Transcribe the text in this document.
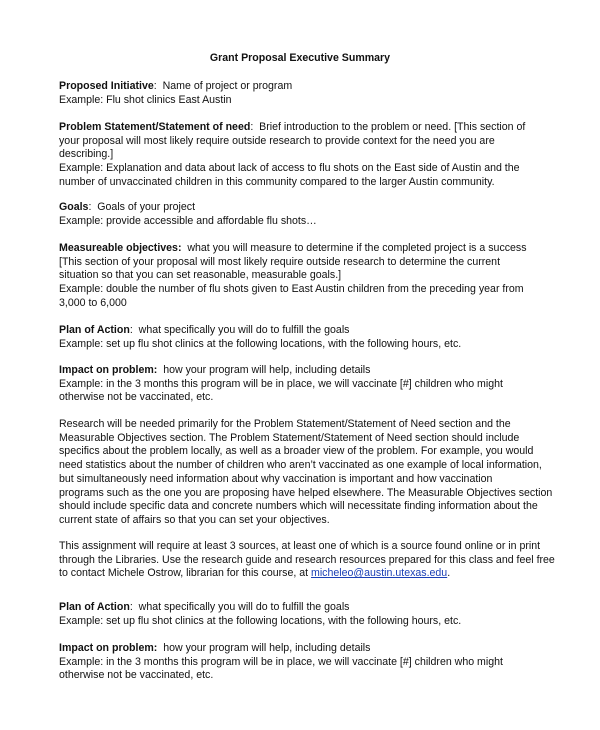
Grant Proposal Executive Summary
Proposed Initiative:  Name of project or program
Example: Flu shot clinics East Austin
Problem Statement/Statement of need:  Brief introduction to the problem or need. [This section of
your proposal will most likely require outside research to provide context for the need you are
describing.]
Example: Explanation and data about lack of access to flu shots on the East side of Austin and the
number of unvaccinated children in this community compared to the larger Austin community.
Goals:  Goals of your project
Example: provide accessible and affordable flu shots…
Measureable objectives: what you will measure to determine if the completed project is a success
[This section of your proposal will most likely require outside research to determine the current
situation so that you can set reasonable, measurable goals.]
Example: double the number of flu shots given to East Austin children from the preceding year from
3,000 to 6,000
Plan of Action:  what specifically you will do to fulfill the goals
Example: set up flu shot clinics at the following locations, with the following hours, etc.
Impact on problem: how your program will help, including details
Example: in the 3 months this program will be in place, we will vaccinate [#] children who might
otherwise not be vaccinated, etc.
Research will be needed primarily for the Problem Statement/Statement of Need section and the
Measurable Objectives section. The Problem Statement/Statement of Need section should include
specifics about the problem locally, as well as a broader view of the problem. For example, you would
need statistics about the number of children who aren’t vaccinated as one example of local information,
but simultaneously need information about why vaccination is important and how vaccination
programs such as the one you are proposing have helped elsewhere. The Measurable Objectives section
should include specific data and concrete numbers which will necessitate finding information about the
current state of affairs so that you can set your objectives.
This assignment will require at least 3 sources, at least one of which is a source found online or in print
through the Libraries. Use the research guide and research resources prepared for this class and feel free
to contact Michele Ostrow, librarian for this course, at micheleo@austin.utexas.edu.
Plan of Action:  what specifically you will do to fulfill the goals
Example: set up flu shot clinics at the following locations, with the following hours, etc.
Impact on problem: how your program will help, including details
Example: in the 3 months this program will be in place, we will vaccinate [#] children who might
otherwise not be vaccinated, etc.
